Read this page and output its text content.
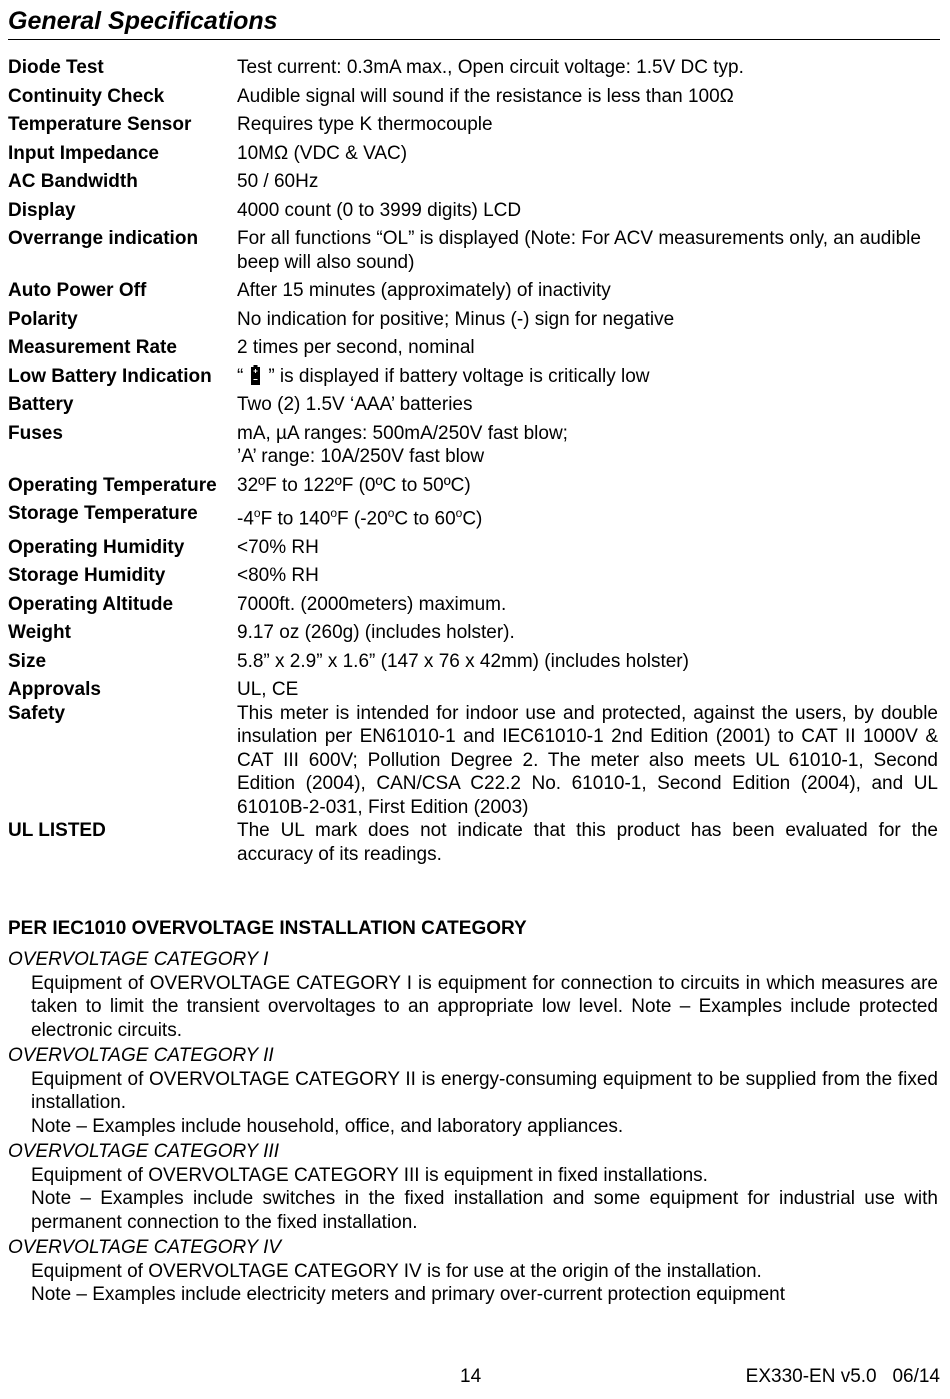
General Specifications
Diode Test	Test current: 0.3mA max., Open circuit voltage: 1.5V DC typ.
Continuity Check	Audible signal will sound if the resistance is less than 100Ω
Temperature Sensor	Requires type K thermocouple
Input Impedance	10MΩ (VDC & VAC)
AC Bandwidth	50 / 60Hz
Display	4000 count (0 to 3999 digits) LCD
Overrange indication	For all functions “OL” is displayed (Note: For ACV measurements only, an audible beep will also sound)
Auto Power Off	After 15 minutes (approximately) of inactivity
Polarity	No indication for positive; Minus (-) sign for negative
Measurement Rate	2 times per second, nominal
Low Battery Indication	“ ” is displayed if battery voltage is critically low
Battery	Two (2) 1.5V ‘AAA’ batteries
Fuses	mA, µA ranges: 500mA/250V fast blow;
’A’ range: 10A/250V fast blow
Operating Temperature	32ºF to 122ºF (0ºC to 50ºC)
Storage Temperature	-4$^o$F to 140$^o$F (-20$^o$C to 60$^o$C)
Operating Humidity	<70% RH
Storage Humidity	<80% RH
Operating Altitude	7000ft. (2000meters) maximum.
Weight	9.17 oz (260g) (includes holster).
Size	5.8” x 2.9” x 1.6” (147 x 76 x 42mm) (includes holster)
Approvals	UL, CE
Safety	This meter is intended for indoor use and protected, against the users, by double insulation per EN61010-1 and IEC61010-1 2nd Edition (2001) to CAT II 1000V & CAT III 600V; Pollution Degree 2. The meter also meets UL 61010-1, Second Edition (2004), CAN/CSA C22.2 No. 61010-1, Second Edition (2004), and UL 61010B-2-031, First Edition (2003)
UL LISTED	The UL mark does not indicate that this product has been evaluated for the accuracy of its readings.
PER IEC1010 OVERVOLTAGE INSTALLATION CATEGORY
OVERVOLTAGE CATEGORY I
Equipment of OVERVOLTAGE CATEGORY I is equipment for connection to circuits in which measures are taken to limit the transient overvoltages to an appropriate low level. Note – Examples include protected electronic circuits.
OVERVOLTAGE CATEGORY II
Equipment of OVERVOLTAGE CATEGORY II is energy-consuming equipment to be supplied from the fixed installation.
Note – Examples include household, office, and laboratory appliances.
OVERVOLTAGE CATEGORY III
Equipment of OVERVOLTAGE CATEGORY III is equipment in fixed installations.
Note – Examples include switches in the fixed installation and some equipment for industrial use with permanent connection to the fixed installation.
OVERVOLTAGE CATEGORY IV
Equipment of OVERVOLTAGE CATEGORY IV is for use at the origin of the installation.
Note – Examples include electricity meters and primary over-current protection equipment
14	EX330-EN v5.0   06/14
